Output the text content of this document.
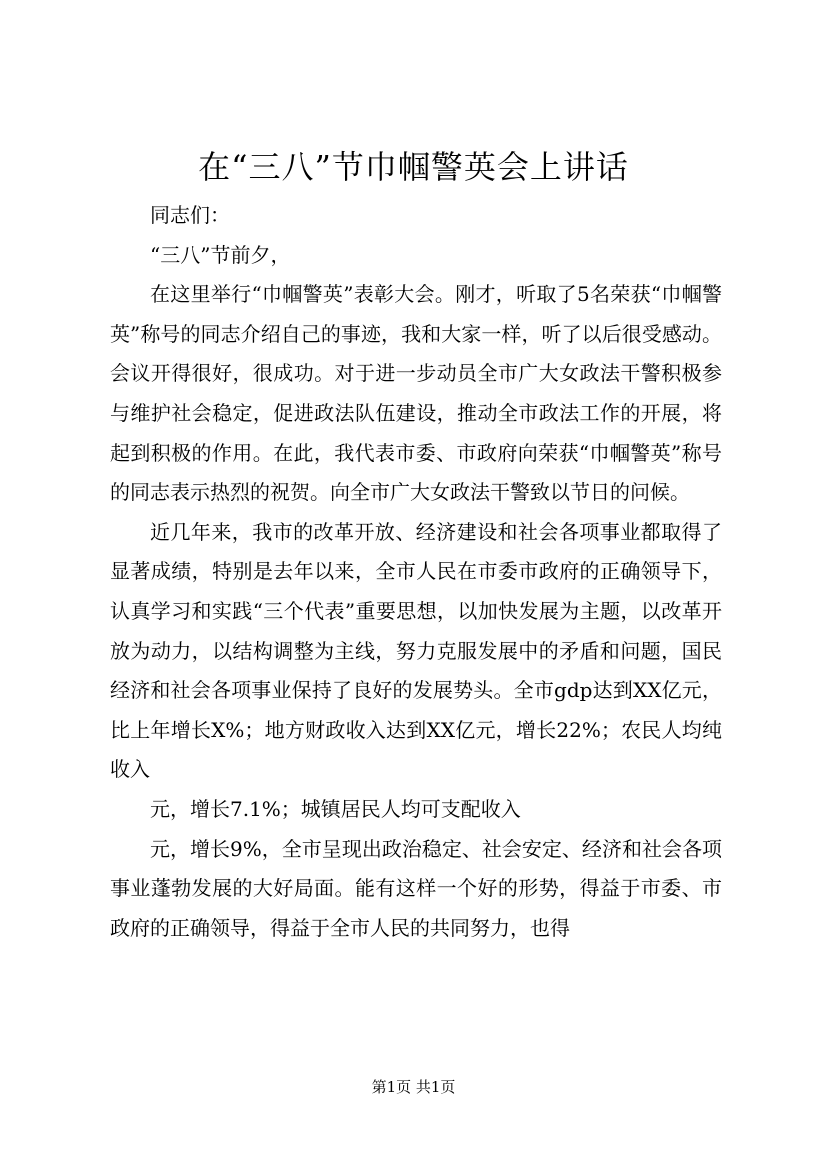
在“三八”节巾帼警英会上讲话

同志们：

“三八”节前夕，

在这里举行“巾帼警英”表彰大会。刚才，听取了5名荣获“巾帼警英”称号的同志介绍自己的事迹，我和大家一样，听了以后很受感动。会议开得很好，很成功。对于进一步动员全市广大女政法干警积极参与维护社会稳定，促进政法队伍建设，推动全市政法工作的开展，将起到积极的作用。在此，我代表市委、市政府向荣获“巾帼警英”称号的同志表示热烈的祝贺。向全市广大女政法干警致以节日的问候。

近几年来，我市的改革开放、经济建设和社会各项事业都取得了显著成绩，特别是去年以来，全市人民在市委市政府的正确领导下，认真学习和实践“三个代表”重要思想，以加快发展为主题，以改革开放为动力，以结构调整为主线，努力克服发展中的矛盾和问题，国民经济和社会各项事业保持了良好的发展势头。全市gdp达到XX亿元，比上年增长X%；地方财政收入达到XX亿元，增长22%；农民人均纯收入

元，增长7.1%；城镇居民人均可支配收入

元，增长9%，全市呈现出政治稳定、社会安定、经济和社会各项事业蓬勃发展的大好局面。能有这样一个好的形势，得益于市委、市政府的正确领导，得益于全市人民的共同努力，也得

第1页 共1页
